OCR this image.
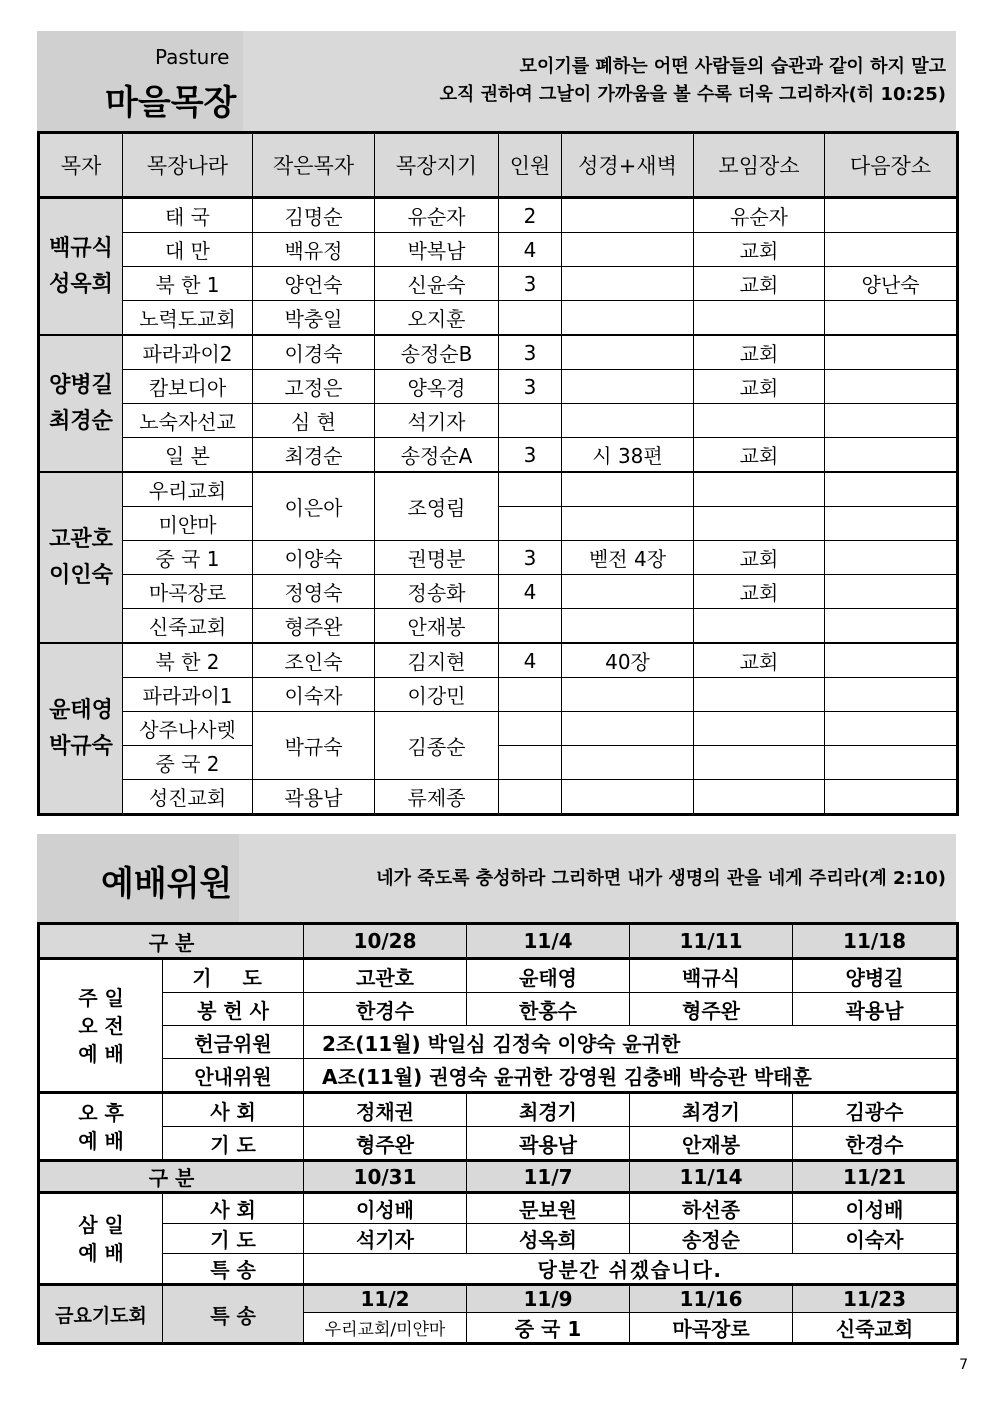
Pasture
마을목장
모이기를 폐하는 어떤 사람들의 습관과 같이 하지 말고
오직 권하여 그날이 가까움을 볼 수록 더욱 그리하자(히 10:25)
목자	목장나라	작은목자	목장지기	인원	성경+새벽	모임장소	다음장소

백규식
성옥희	태 국	김명순	유순자	2		유순자	
	대 만	백유정	박복남	4		교회	
	북 한 1	양언숙	신윤숙	3		교회	양난숙
	노력도교회	박충일	오지훈				

양병길
최경순	파라과이2	이경숙	송정순B	3		교회	
	캄보디아	고정은	양옥경	3		교회	
	노숙자선교	심 현	석기자				
	일 본	최경순	송정순A	3	시 38편	교회	

고관호
이인숙	우리교회	이은아	조영림				
	미얀마						
	중 국 1	이양숙	권명분	3	벧전 4장	교회	
	마곡장로	정영숙	정송화	4		교회	
	신죽교회	형주완	안재봉				

윤태영
박규숙	북 한 2	조인숙	김지현	4	40장	교회	
	파라과이1	이숙자	이강민				
	상주나사렛	박규숙	김종순				
	중 국 2						
	성진교회	곽용남	류제종				
예배위원	네가 죽도록 충성하라 그리하면 내가 생명의 관을 네게 주리라(계 2:10)
구 분		10/28	11/4	11/11	11/18

주 일
오 전
예 배	기 도	고관호	윤태영	백규식	양병길
	봉 헌 사	한경수	한홍수	형주완	곽용남
	헌금위원	2조(11월) 박일심 김정숙 이양숙 윤귀한			
	안내위원	A조(11월) 권영숙 윤귀한 강영원 김충배 박승관 박태훈			

오 후
예 배	사 회	정채권	최경기	최경기	김광수
	기 도	형주완	곽용남	안재봉	한경수
구 분		10/31	11/7	11/14	11/21

삼 일
예 배	사 회	이성배	문보원	하선종	이성배
	기 도	석기자	성옥희	송정순	이숙자
	특 송	당분간 쉬겠습니다.			
금요기도회	특 송	11/2	11/9	11/16	11/23
		우리교회/미얀마	중 국 1	마곡장로	신죽교회
7
